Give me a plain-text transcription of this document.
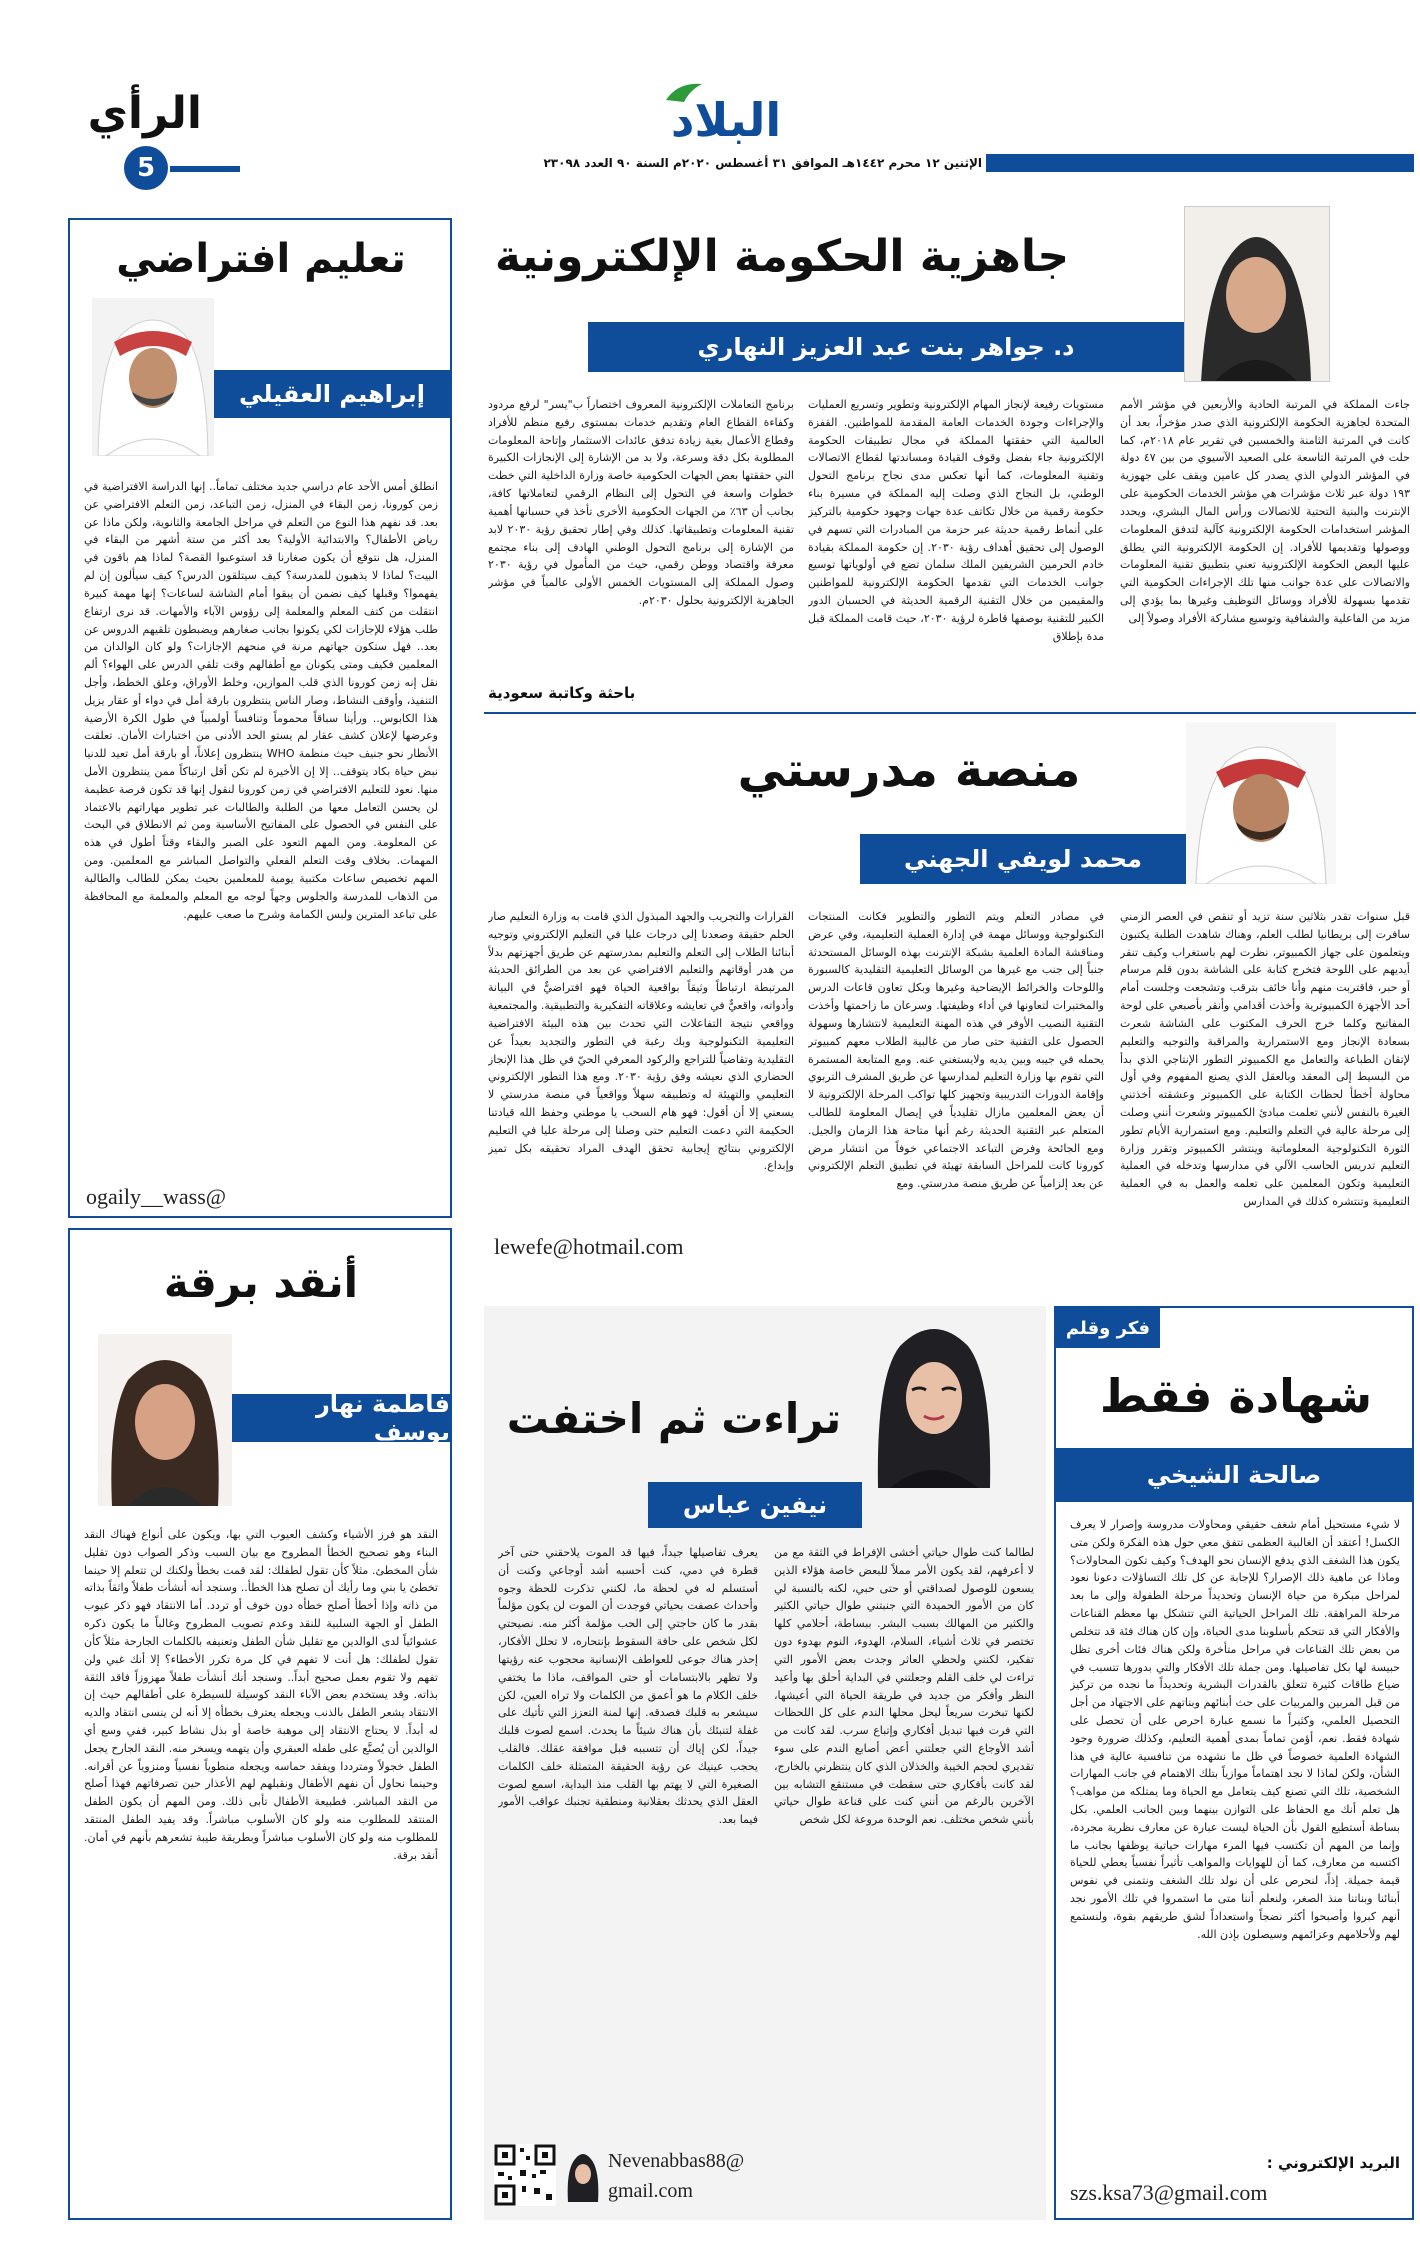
الرأي
5
البلاد
الإثنين ١٢ محرم ١٤٤٢هـ الموافق ٣١ أغسطس ٢٠٢٠م السنة ٩٠ العدد ٢٣٠٩٨
جاهزية الحكومة الإلكترونية
د. جواهر بنت عبد العزيز النهاري
جاءت المملكة في المرتبة الحادية والأربعين في مؤشر الأمم المتحدة لجاهزية الحكومة الإلكترونية الذي صدر مؤخراً، بعد أن كانت في المرتبة الثامنة والخمسين في تقرير عام ٢٠١٨م، كما حلت في المرتبة التاسعة على الصعيد الآسيوي من بين ٤٧ دولة في المؤشر الدولي الذي يصدر كل عامين ويقف على جهوزية ١٩٣ دولة عبر ثلاث مؤشرات هي مؤشر الخدمات الحكومية على الإنترنت والبنية التحتية للاتصالات ورأس المال البشري، ويحدد المؤشر استخدامات الحكومة الإلكترونية كآلية لتدفق المعلومات ووصولها وتقديمها للأفراد. إن الحكومة الإلكترونية التي يطلق عليها البعض الحكومة الإلكترونية تعني بتطبيق تقنية المعلومات والاتصالات على عدة جوانب منها تلك الإجراءات الحكومية التي تقدمها بسهولة للأفراد ووسائل التوظيف وغيرها بما يؤدي إلى مزيد من الفاعلية والشفافية وتوسيع مشاركة الأفراد وصولاً إلى
مستويات رفيعة لإنجاز المهام الإلكترونية وتطوير وتسريع العمليات والإجراءات وجودة الخدمات العامة المقدمة للمواطنين. القفزة العالمية التي حققتها المملكة في مجال تطبيقات الحكومة الإلكترونية جاء بفضل وقوف القيادة ومساندتها لقطاع الاتصالات وتقنية المعلومات، كما أنها تعكس مدى نجاح برنامج التحول الوطني، بل النجاح الذي وصلت إليه المملكة في مسيرة بناء حكومة رقمية من خلال تكاتف عدة جهات وجهود حكومية بالتركيز على أنماط رقمية حديثة عبر حزمة من المبادرات التي تسهم في الوصول إلى تحقيق أهداف رؤية ٢٠٣٠. إن حكومة المملكة بقيادة خادم الحرمين الشريفين الملك سلمان تضع في أولوياتها توسيع جوانب الخدمات التي تقدمها الحكومة الإلكترونية للمواطنين والمقيمين من خلال التقنية الرقمية الحديثة في الحسبان الدور الكبير للتقنية بوصفها قاطرة لرؤية ٢٠٣٠، حيث قامت المملكة قبل مدة بإطلاق
برنامج التعاملات الإلكترونية المعروف اختصاراً ب"يسر" لرفع مردود وكفاءة القطاع العام وتقديم خدمات بمستوى رفيع منظم للأفراد وقطاع الأعمال بغية زيادة تدفق عائدات الاستثمار وإتاحة المعلومات المطلوبة بكل دقة وسرعة، ولا بد من الإشارة إلى الإنجازات الكبيرة التي حققتها بعض الجهات الحكومية خاصة وزارة الداخلية التي خطت خطوات واسعة في التحول إلى النظام الرقمي لتعاملاتها كافة، بجانب أن ٦٣٪ من الجهات الحكومية الأخرى تأخذ في حسبانها أهمية تقنية المعلومات وتطبيقاتها. كذلك وفي إطار تحقيق رؤية ٢٠٣٠ لابد من الإشارة إلى برنامج التحول الوطني الهادف إلى بناء مجتمع معرفة واقتصاد ووطن رقمي، حيث من المأمول في رؤية ٢٠٣٠ وصول المملكة إلى المستويات الخمس الأولى عالمياً في مؤشر الجاهزية الإلكترونية بحلول ٢٠٣٠م.
باحثة وكاتبة سعودية
منصة مدرستي
محمد لويفي الجهني
قبل سنوات تقدر بثلاثين سنة تزيد أو تنقص في العصر الزمني سافرت إلى بريطانيا لطلب العلم، وهناك شاهدت الطلبة يكتبون ويتعلمون على جهاز الكمبيوتر، نظرت لهم باستغراب وكيف تنقر أيديهم على اللوحة فتخرج كتابة على الشاشة بدون قلم مرسام أو حبر، فاقتربت منهم وأنا خائف بترقب وتشجعت وجلست أمام أحد الأجهزة الكمبيوترية وأخذت أقدامي وأنقر بأصبعي على لوحة المفاتيح وكلما خرج الحرف المكتوب على الشاشة شعرت بسعادة الإنجاز ومع الاستمرارية والمراقبة والتوجيه والتعليم لإتقان الطباعة والتعامل مع الكمبيوتر التطور الإنتاجي الذي بدأ من البسيط إلى المعقد وبالعقل الذي يصنع المفهوم وفي أول محاولة أخطأ لحظات الكتابة على الكمبيوتر وعشقته أخذتني الغيرة بالنفس لأنني تعلمت مبادئ الكمبيوتر وشعرت أنني وصلت إلى مرحلة عالية في التعلم والتعليم. ومع استمرارية الأيام تطور الثورة التكنولوجية المعلوماتية وينتشر الكمبيوتر وتقرر وزارة التعليم تدريس الحاسب الآلي في مدارسها وتدخله في العملية التعليمية وتكون المعلمين على تعلمه والعمل به في العملية التعليمية وتنتشره كذلك في المدارس
في مصادر التعلم ويتم التطور والتطوير فكانت المنتجات التكنولوجية ووسائل مهمة في إدارة العملية التعليمية، وفي عرض ومناقشة المادة العلمية بشبكة الإنترنت بهذه الوسائل المستحدثة جنباً إلى جنب مع غيرها من الوسائل التعليمية التقليدية كالسبورة واللوحات والخرائط الإيضاحية وغيرها وبكل تعاون قاعات الدرس والمختبرات لتعاونها في أداء وظيفتها. وسرعان ما زاحمتها وأخذت التقنية النصيب الأوفر في هذه المهنة التعليمية لانتشارها وسهولة الحصول على التقنية حتى صار من غالبية الطلاب معهم كمبيوتر يحمله في جيبه وبين يديه ولايستغني عنه. ومع المتابعة المستمرة التي تقوم بها وزارة التعليم لمدارسها عن طريق المشرف التربوي وإقامة الدورات التدريبية وتجهيز كلها تواكب المرحلة الإلكترونية لا أن يعض المعلمين مازال تقليدياً في إيصال المعلومة للطالب المتعلم عبر التقنية الحديثة رغم أنها متاحة هذا الزمان والجيل. ومع الجائحة وفرض التباعد الاجتماعي خوفاً من انتشار مرض كورونا كانت للمراحل السابقة تهيئة في تطبيق التعلم الإلكتروني عن بعد إلزامياً عن طريق منصة مدرستي. ومع
القرارات والتجريب والجهد المبذول الذي قامت به وزارة التعليم صار الحلم حقيقة وصعدنا إلى درجات عليا في التعليم الإلكتروني وتوجيه أبنائنا الطلاب إلى التعلم والتعليم بمدرستهم عن طريق أجهزتهم بدلاً من هدر أوقاتهم والتعليم الافتراضي عن بعد من الطرائق الحديثة المرتبطة ارتباطاً وثيقاً بواقعية الحياة فهو افتراضيٌّ في البيانة وأدواته، واقعيٌّ في تعايشه وعلاقاته التفكيرية والتطبيقية. والمجتمعية وواقعي نتيجة التفاعلات التي تحدث بين هذه البيئة الافتراضية التعليمية التكنولوجية وبك رغبة في التطور والتجديد بعيداً عن التقليدية وتقاضياً للتراجع والركود المعرفي الحيّ في ظل هذا الإنجاز الحضاري الذي نعيشه وفق رؤية ٢٠٣٠. ومع هذا التطور الإلكتروني التعليمي والتهيئة له وتطبيقه سهلاً وواقعياً في منصة مدرستي لا يسعني إلا أن أقول: فهو هام السحب يا موطني وحفظ الله قيادتنا الحكيمة التي دعمت التعليم حتى وصلنا إلى مرحلة عليا في التعليم الإلكتروني بنتائج إيجابية تحقق الهدف المراد تحقيقه بكل تميز وإبداع.
lewefe@hotmail.com
تعليم افتراضي
إبراهيم العقيلي
انطلق أمس الأحد عام دراسي جديد مختلف تماماً.. إنها الدراسة الافتراضية في زمن كورونا، زمن البقاء في المنزل، زمن التباعد، زمن التعلم الافتراضي عن بعد. قد نفهم هذا النوع من التعلم في مراحل الجامعة والثانوية، ولكن ماذا عن رياض الأطفال؟ والابتدائية الأولية؟ بعد أكثر من ستة أشهر من البقاء في المنزل، هل نتوقع أن يكون صغارنا قد استوعبوا القصة؟ لماذا هم باقون في البيت؟ لماذا لا يذهبون للمدرسة؟ كيف سيتلقون الدرس؟ كيف سيألون إن لم يفهموا؟ وقبلها كيف نضمن أن يبقوا أمام الشاشة لساعات؟ إنها مهمة كبيرة انتقلت من كتف المعلم والمعلمة إلى رؤوس الآباء والأمهات. قد نرى ارتفاع طلب هؤلاء للإجازات لكي يكونوا بجانب صغارهم ويضبطون تلقيهم الدروس عن بعد.. فهل ستكون جهاتهم مرنة في منحهم الإجازات؟ ولو كان الوالدان من المعلمين فكيف ومتى يكونان مع أطفالهم وقت تلقي الدرس على الهواء؟ ألم نقل إنه زمن كورونا الذي قلب الموازين، وخلط الأوراق، وعلق الخطط، وأجل التنفيذ، وأوقف النشاط، وصار الناس ينتظرون بارقة أمل في دواء أو عقار يزيل هذا الكابوس.. ورأينا سباقاً محموماً وتنافساً أولمبياً في طول الكرة الأرضية وعرضها لإعلان كشف عقار لم يستو الحد الأدنى من اختبارات الأمان. تعلقت الأنظار نحو جنيف حيث منظمة WHO ينتظرون إعلاناً، أو بارقة أمل تعيد للدنيا نبض حياة بكاد يتوقف.. إلا إن الأخيرة لم تكن أقل ارتباكاً ممن ينتظرون الأمل منها. نعود للتعليم الافتراضي في زمن كورونا لنقول إنها قد تكون فرصة عظيمة لن يحسن التعامل معها من الطلبة والطالبات عبر تطوير مهاراتهم بالاعتماد على النفس في الحصول على المفاتيح الأساسية ومن ثم الانطلاق في البحث عن المعلومة. ومن المهم التعود على الصبر والبقاء وقتاً أطول في هذه المهمات. بخلاف وقت التعلم الفعلي والتواصل المباشر مع المعلمين. ومن المهم تخصيص ساعات مكتبية يومية للمعلمين بحيث يمكن للطالب والطالبة من الذهاب للمدرسة والجلوس وجهاً لوجه مع المعلم والمعلمة مع المحافظة على تباعد المترين ولبس الكمامة وشرح ما صعب عليهم.
ogaily__wass@
أنقد برقة
فاطمة نهار يوسف
النقد هو فرز الأشياء وكشف العيوب التي بها، ويكون على أنواع فهناك النقد البناء وهو تصحيح الخطأ المطروح مع بيان السبب وذكر الصواب دون تقليل شأن المخطئ. مثلاً كأن تقول لطفلك: لقد قمت بخطأ ولكنك لن تتعلم إلا حينما تخطئ يا بني وما رأيك أن تصلح هذا الخطأ.. وسنجد أنه أنشأت طفلاً واثقاً بذاته من ذاته وإذا أخطأ أصلح خطأه دون خوف أو تردد. أما الانتقاد فهو ذكر عيوب الطفل أو الجهة السلبية للنقد وعدم تصويب المطروح وغالباً ما يكون ذكره عشوائياً لدى الوالدين مع تقليل شأن الطفل وتعنيفه بالكلمات الجارحة مثلاً كأن تقول لطفلك: هل أنت لا تفهم في كل مرة تكرر الأخطاء؟ إلا أنك غبي ولن تفهم ولا تقوم بعمل صحيح أبداً.. وسنجد أنك أنشأت طفلاً مهزوزاً فاقد الثقة بذاته. وقد يستخدم بعض الآباء النقد كوسيلة للسيطرة على أطفالهم حيث إن الانتقاد يشعر الطفل بالذنب ويجعله يعترف بخطأه إلا أنه لن ينسى انتقاد والديه له أبداً. لا يحتاج الانتقاد إلى موهبة خاصة أو بذل نشاط كبير، ففي وسع أي الوالدين أن يُصنَّع على طفله العبقري وأن يتهمه ويسخر منه. النقد الجارح يجعل الطفل خجولاً ومترددا ويفقد حماسه ويجعله منطوياً نفسياً ومنزوياً عن أقرانه. وحينما نحاول أن نفهم الأطفال ونقبلهم لهم الأعذار حين تصرفاتهم فهذا أصلح من النقد المباشر. فطبيعة الأطفال تأبى ذلك. ومن المهم أن يكون الطفل المنتقد للمطلوب منه ولو كان الأسلوب مباشراً. وقد يفيد الطفل المنتقد للمطلوب منه ولو كان الأسلوب مباشراً وبطريقة طيبة تشعرهم بأنهم في أمان. أنقد برقة.
تراءت ثم اختفت
نيفين عباس
لطالما كنت طوال حياتي أخشى الإفراط في الثقة مع من لا أعرفهم، لقد يكون الأمر مملاً للبعض خاصة هؤلاء الذين يسعون للوصول لصداقتي أو حتى حبي، لكنه بالنسبة لي كان من الأمور الحميدة التي جنبتني طوال حياتي الكثير والكثير من المهالك بسبب البشر. ببساطة، أحلامي كلها تختصر في ثلاث أشياء، السلام، الهدوء، النوم بهدوء دون تفكير، لكنني ولحظي العاثر وجدت بعض الأمور التي تراءت لي خلف القلم وجعلتني في البداية أحلق بها وأعيد النظر وأفكر من جديد في طريقة الحياة التي أعيشها، لكنها تبخرت سريعاً ليحل محلها الندم على كل اللحظات التي فرت فيها تبديل أفكاري وإتباع سرب. لقد كانت من أشد الأوجاع التي جعلتني أعض أصابع الندم على سوء تقديري لحجم الخيبة والخذلان الذي كان ينتظرني بالخارج، لقد كانت بأفكاري حتى سقطت في مستنقع التشابه بين الآخرين بالرغم من أنني كنت على قناعة طوال حياتي بأنني شخص مختلف. نعم الوحدة مروعة لكل شخص
يعرف تفاصيلها جيداً، فيها قد الموت يلاحقني حتى آخر قطرة في دمي، كنت أحسبه أشد أوجاعي وكنت أن أستسلم له في لحظة ما، لكنني تذكرت للحظة وجوه وأحداث عصفت بحياتي فوجدت أن الموت لن يكون مؤلماً بقدر ما كان حاجتي إلى الحب مؤلمة أكثر منه. نصيحتي لكل شخص على حافة السقوط بإنتحاره، لا تحلل الأفكار، إحذر هناك جوعى للعواطف الإنسانية محجوب عنه رؤيتها ولا تظهر بالابتسامات أو حتى المواقف، ماذا ما يختفي خلف الكلام ما هو أعمق من الكلمات ولا تراه العين، لكن سيشعر به قلبك فصدقه. إنها لمنة التعزز التي تأتيك على غفلة لتنبئك بأن هناك شيئاً ما يحدث. اسمع لصوت قلبك جيداً، لكن إياك أن تتسببه قبل موافقة عقلك. فالقلب يحجب عينيك عن رؤية الحقيقة المتمثلة خلف الكلمات الصغيرة التي لا يهتم بها القلب منذ البداية، اسمع لصوت العقل الذي يحدثك بعقلانية ومنطقية تجنبك عواقب الأمور فيما بعد.
Nevenabbas88@ gmail.com
فكر وقلم
شهادة فقط
صالحة الشيخي
لا شيء مستحيل أمام شغف حقيقي ومحاولات مدروسة وإصرار لا يعرف الكسل! أعتقد أن الغالبية العظمى تتفق معي حول هذه الفكرة ولكن متى يكون هذا الشغف الذي يدفع الإنسان نحو الهدف؟ وكيف تكون المحاولات؟ وماذا عن ماهية ذلك الإصرار؟ للإجابة عن كل تلك التساؤلات دعونا نعود لمراحل مبكرة من حياة الإنسان وتحديداً مرحلة الطفولة وإلى ما بعد مرحلة المراهقة. تلك المراحل الحياتية التي تتشكل بها معظم القناعات والأفكار التي قد تتحكم بأسلوبنا مدى الحياة، وإن كان هناك فئة قد تتخلص من بعض تلك القناعات في مراحل متأخرة ولكن هناك فئات أخرى تظل حبيسة لها بكل تفاصيلها. ومن جملة تلك الأفكار والتي بدورها تتسبب في ضياع طاقات كثيرة تتعلق بالقدرات البشرية وتحديداً ما نجده من تركيز من قبل المربين والمربيات على حث أبنائهم وبناتهم على الاجتهاد من أجل التحصيل العلمي، وكثيراً ما نسمع عبارة احرص على أن تحصل على شهادة فقط. نعم، أؤمن تماماً بمدى أهمية التعليم، وكذلك ضرورة وجود الشهادة العلمية خصوصاً في ظل ما نشهده من تنافسية عالية في هذا الشأن، ولكن لماذا لا نجد اهتماماً موازياً بتلك الاهتمام في جانب المهارات الشخصية، تلك التي تصنع كيف يتعامل مع الحياة وما يمتلكه من مواهب؟ هل تعلم أنك مع الحفاظ على التوازن بينهما وبين الجانب العلمي. بكل بساطة أستطيع القول بأن الحياة ليست عبارة عن معارف نظرية مجردة، وإنما من المهم أن تكتسب فيها المرء مهارات حياتية يوظفها بجانب ما اكتسبه من معارف، كما أن للهوايات والمواهب تأثيراً نفسياً يعطي للحياة قيمة جميلة. إذاً، لنحرص على أن نولد تلك الشغف ونتمنى في نفوس أبنائنا وبناتنا منذ الصغر، ولنعلم أننا متى ما استمروا في تلك الأمور نجد أنهم كبروا وأصبحوا أكثر نضجاً واستعداداً لشق طريقهم بقوة، ولنستمع لهم ولأحلامهم وعزائمهم وسيصلون بإذن الله.
البريد الإلكتروني :
szs.ksa73@gmail.com
